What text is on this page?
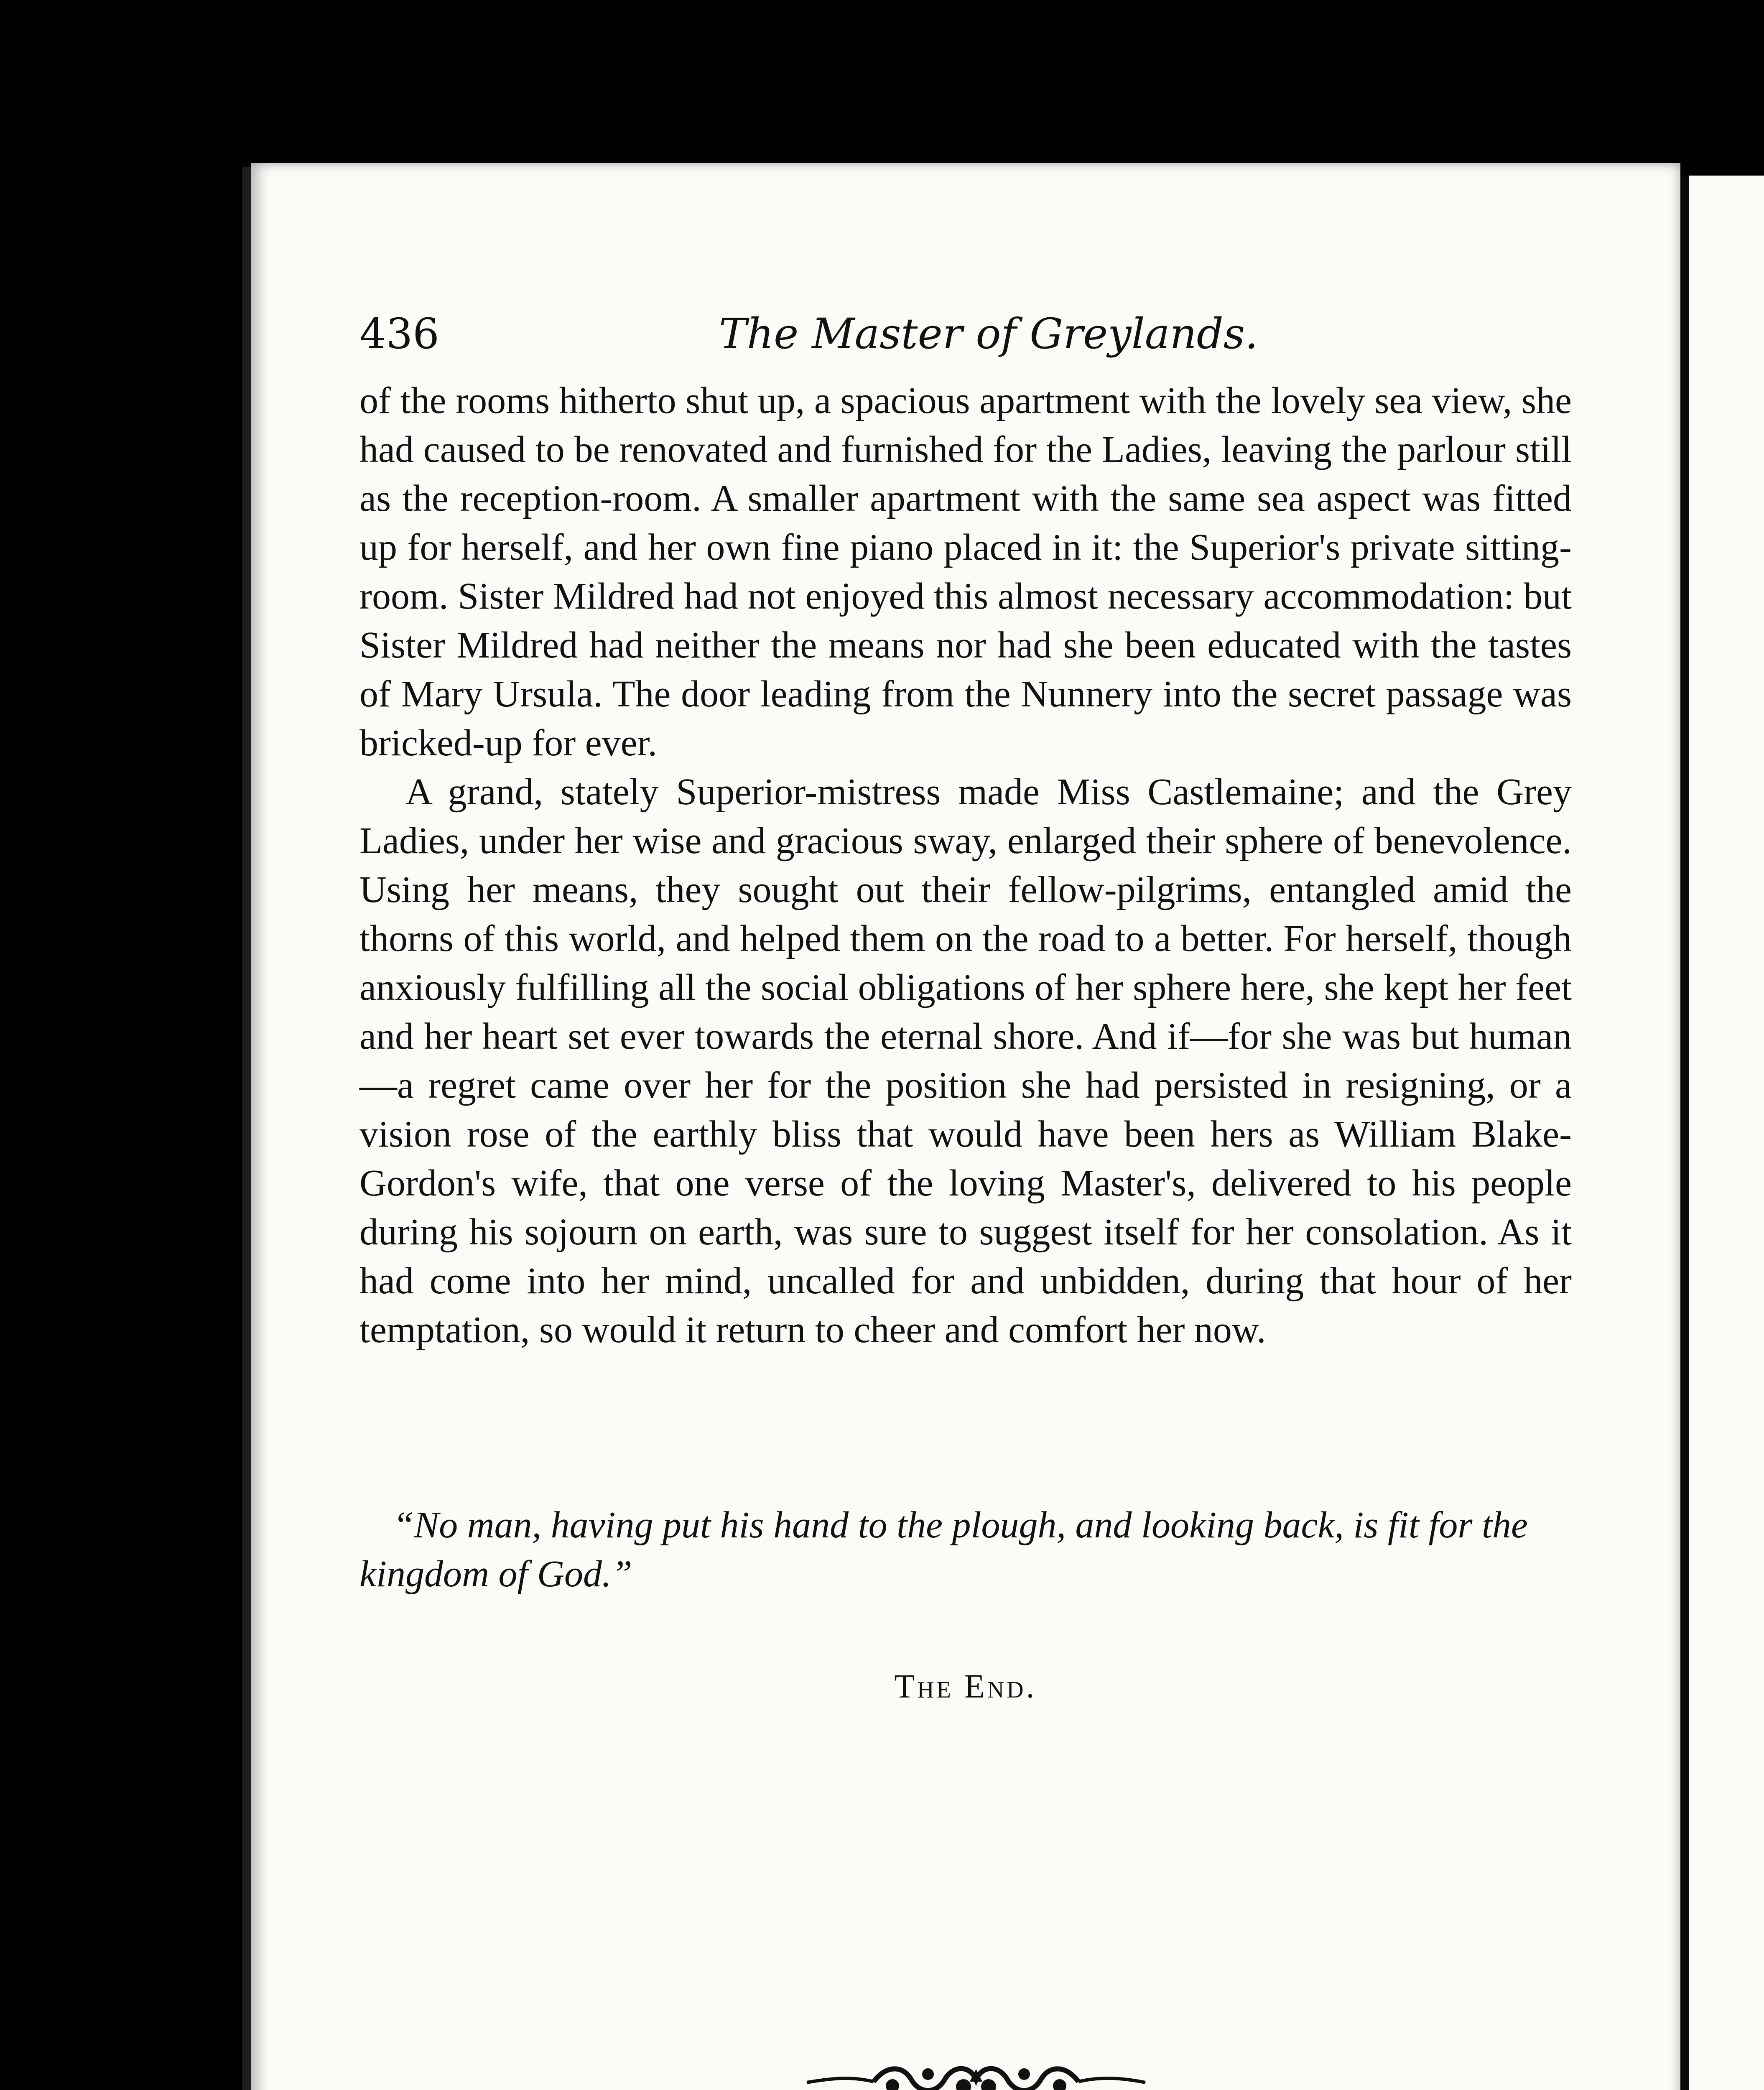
436	The Master of Greylands.

of the rooms hitherto shut up, a spacious apartment with the lovely sea view, she had caused to be renovated and furnished for the Ladies, leaving the parlour still as the reception-room. A smaller apartment with the same sea aspect was fitted up for herself, and her own fine piano placed in it: the Superior's private sitting-room. Sister Mildred had not enjoyed this almost necessary accommodation: but Sister Mildred had neither the means nor had she been educated with the tastes of Mary Ursula. The door leading from the Nunnery into the secret passage was bricked-up for ever.

A grand, stately Superior-mistress made Miss Castlemaine; and the Grey Ladies, under her wise and gracious sway, enlarged their sphere of benevolence. Using her means, they sought out their fellow-pilgrims, entangled amid the thorns of this world, and helped them on the road to a better. For herself, though anxiously fulfilling all the social obligations of her sphere here, she kept her feet and her heart set ever towards the eternal shore. And if—for she was but human—a regret came over her for the position she had persisted in resigning, or a vision rose of the earthly bliss that would have been hers as William Blake-Gordon's wife, that one verse of the loving Master's, delivered to his people during his sojourn on earth, was sure to suggest itself for her consolation. As it had come into her mind, uncalled for and unbidden, during that hour of her temptation, so would it return to cheer and comfort her now.

“No man, having put his hand to the plough, and looking back, is fit for the kingdom of God.”
The End.
